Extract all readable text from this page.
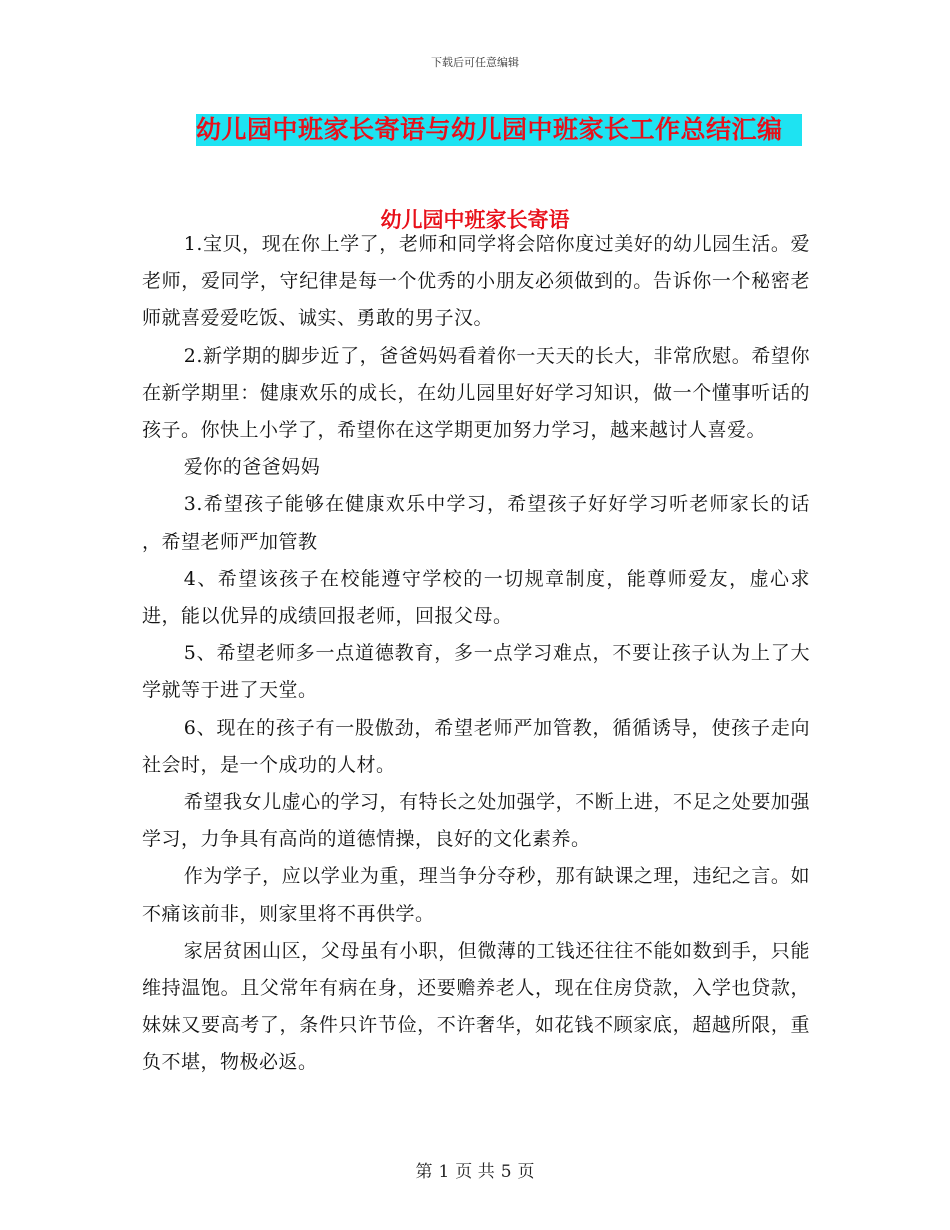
下载后可任意编辑
幼儿园中班家长寄语与幼儿园中班家长工作总结汇编
幼儿园中班家长寄语

1.宝贝，现在你上学了，老师和同学将会陪你度过美好的幼儿园生活。爱老师，爱同学，守纪律是每一个优秀的小朋友必须做到的。告诉你一个秘密老师就喜爱爱吃饭、诚实、勇敢的男子汉。

2.新学期的脚步近了，爸爸妈妈看着你一天天的长大，非常欣慰。希望你在新学期里：健康欢乐的成长，在幼儿园里好好学习知识，做一个懂事听话的孩子。你快上小学了，希望你在这学期更加努力学习，越来越讨人喜爱。

爱你的爸爸妈妈

3.希望孩子能够在健康欢乐中学习，希望孩子好好学习听老师家长的话 ，希望老师严加管教

4、希望该孩子在校能遵守学校的一切规章制度，能尊师爱友，虚心求进，能以优异的成绩回报老师，回报父母。

5、希望老师多一点道德教育，多一点学习难点，不要让孩子认为上了大学就等于进了天堂。

6、现在的孩子有一股傲劲，希望老师严加管教，循循诱导，使孩子走向社会时，是一个成功的人材。

希望我女儿虚心的学习，有特长之处加强学，不断上进，不足之处要加强学习，力争具有高尚的道德情操，良好的文化素养。

作为学子，应以学业为重，理当争分夺秒，那有缺课之理，违纪之言。如不痛该前非，则家里将不再供学。

家居贫困山区，父母虽有小职，但微薄的工钱还往往不能如数到手，只能维持温饱。且父常年有病在身，还要赡养老人，现在住房贷款，入学也贷款，妹妹又要高考了，条件只许节俭，不许奢华，如花钱不顾家底，超越所限，重负不堪，物极必返。

第 1 页 共 5 页
